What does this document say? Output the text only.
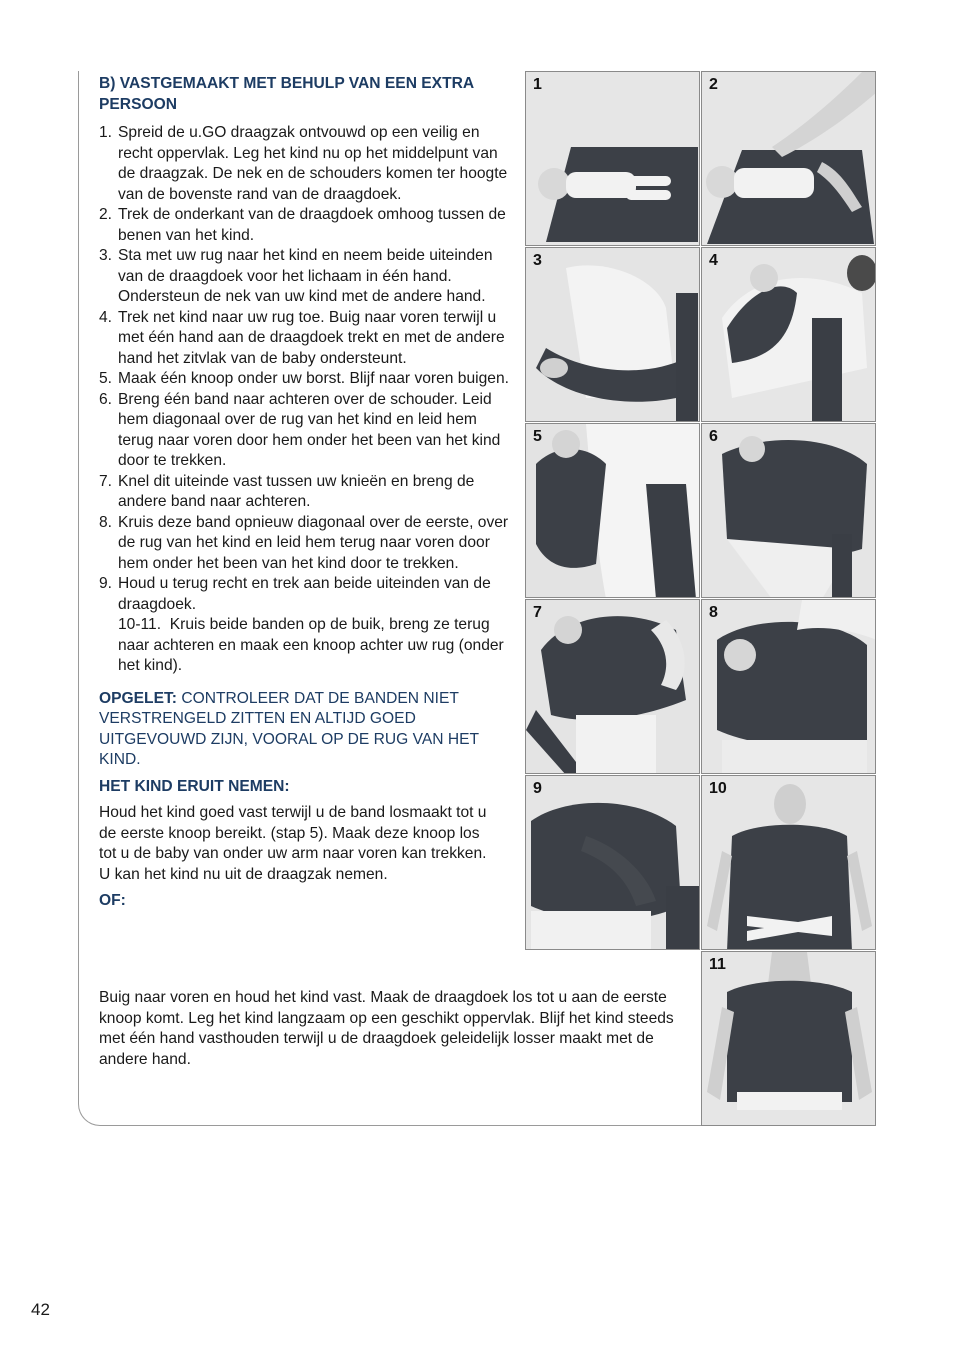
B) VASTGEMAAKT MET BEHULP VAN EEN EXTRA PERSOON

1. Spreid de u.GO draagzak ontvouwd op een veilig en recht oppervlak. Leg het kind nu op het middelpunt van de draagzak. De nek en de schouders komen ter hoogte van de bovenste rand van de draagdoek.
2. Trek de onderkant van de draagdoek omhoog tussen de benen van het kind.
3. Sta met uw rug naar het kind en neem beide uiteinden van de draagdoek voor het lichaam in één hand. Ondersteun de nek van uw kind met de andere hand.
4. Trek net kind naar uw rug toe. Buig naar voren terwijl u met één hand aan de draagdoek trekt en met de andere hand het zitvlak van de baby ondersteunt.
5. Maak één knoop onder uw borst. Blijf naar voren buigen.
6. Breng één band naar achteren over de schouder. Leid hem diagonaal over de rug van het kind en leid hem terug naar voren door hem onder het been van het kind door te trekken.
7. Knel dit uiteinde vast tussen uw knieën en breng de andere band naar achteren.
8. Kruis deze band opnieuw diagonaal over de eerste, over de rug van het kind en leid hem terug naar voren door hem onder het been van het kind door te trekken.
9. Houd u terug recht en trek aan beide uiteinden van de draagdoek.
10-11. Kruis beide banden op de buik, breng ze terug naar achteren en maak een knoop achter uw rug (onder het kind).
OPGELET: CONTROLEER DAT DE BANDEN NIET VERSTRENGELD ZITTEN EN ALTIJD GOED UITGEVOUWD ZIJN, VOORAL OP DE RUG VAN HET KIND.
HET KIND ERUIT NEMEN:
Houd het kind goed vast terwijl u de band losmaakt tot u de eerste knoop bereikt. (stap 5). Maak deze knoop los tot u de baby van onder uw arm naar voren kan trekken. U kan het kind nu uit de draagzak nemen.
OF:
Buig naar voren en houd het kind vast. Maak de draagdoek los tot u aan de eerste knoop komt. Leg het kind langzaam op een geschikt oppervlak. Blijf het kind steeds met één hand vasthouden terwijl u de draagdoek geleidelijk losser maakt met de andere hand.
1	2
3	4
5	6
7	8
9	10
11
42
